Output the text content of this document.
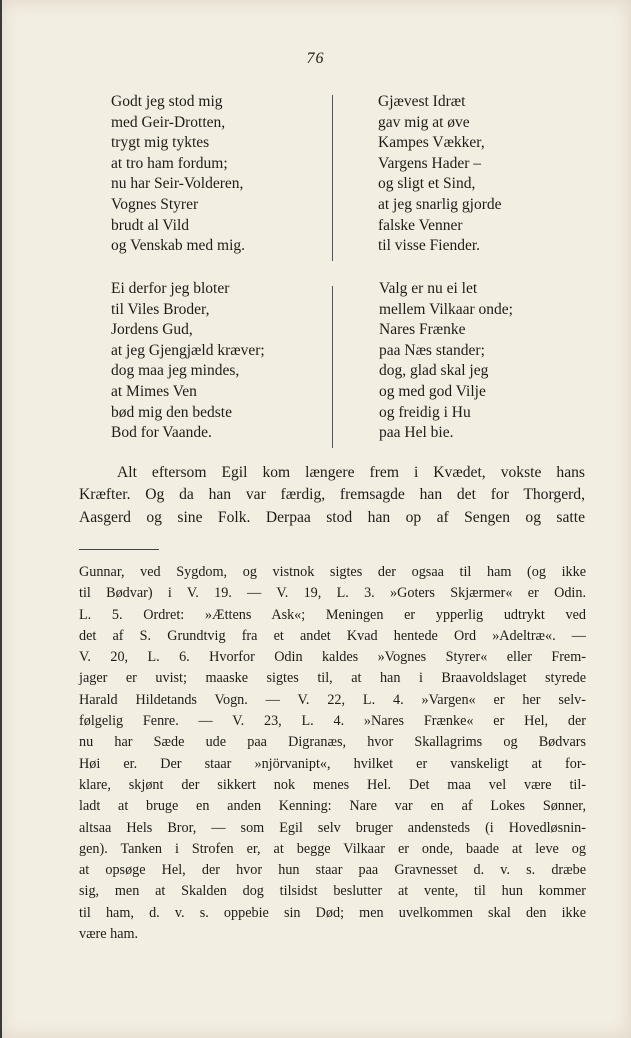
76
Godt jeg stod mig
med Geir-Drotten,
trygt mig tyktes
at tro ham fordum;
nu har Seir-Volderen,
Vognes Styrer
brudt al Vild
og Venskab med mig.
Gjævest Idræt
gav mig at øve
Kampes Vækker,
Vargens Hader –
og sligt et Sind,
at jeg snarlig gjorde
falske Venner
til visse Fiender.
Ei derfor jeg bloter
til Viles Broder,
Jordens Gud,
at jeg Gjengjæld kræver;
dog maa jeg mindes,
at Mimes Ven
bød mig den bedste
Bod for Vaande.
Valg er nu ei let
mellem Vilkaar onde;
Nares Frænke
paa Næs stander;
dog, glad skal jeg
og med god Vilje
og freidig i Hu
paa Hel bie.
Alt eftersom Egil kom længere frem i Kvædet, vokste hans
Kræfter. Og da han var færdig, fremsagde han det for Thorgerd,
Aasgerd og sine Folk. Derpaa stod han op af Sengen og satte
Gunnar, ved Sygdom, og vistnok sigtes der ogsaa til ham (og ikke
til Bødvar) i V. 19. — V. 19, L. 3. »Goters Skjærmer« er Odin.
L. 5. Ordret: »Ættens Ask«; Meningen er ypperlig udtrykt ved
det af S. Grundtvig fra et andet Kvad hentede Ord »Adeltræ«. —
V. 20, L. 6. Hvorfor Odin kaldes »Vognes Styrer« eller Frem-
jager er uvist; maaske sigtes til, at han i Braavoldslaget styrede
Harald Hildetands Vogn. — V. 22, L. 4. »Vargen« er her selv-
følgelig Fenre. — V. 23, L. 4. »Nares Frænke« er Hel, der
nu har Sæde ude paa Digranæs, hvor Skallagrims og Bødvars
Høi er. Der staar »njörvanipt«, hvilket er vanskeligt at for-
klare, skjønt der sikkert nok menes Hel. Det maa vel være til-
ladt at bruge en anden Kenning: Nare var en af Lokes Sønner,
altsaa Hels Bror, — som Egil selv bruger andensteds (i Hovedløsnin-
gen). Tanken i Strofen er, at begge Vilkaar er onde, baade at leve og
at opsøge Hel, der hvor hun staar paa Gravnesset d. v. s. dræbe
sig, men at Skalden dog tilsidst beslutter at vente, til hun kommer
til ham, d. v. s. oppebie sin Død; men uvelkommen skal den ikke
være ham.
